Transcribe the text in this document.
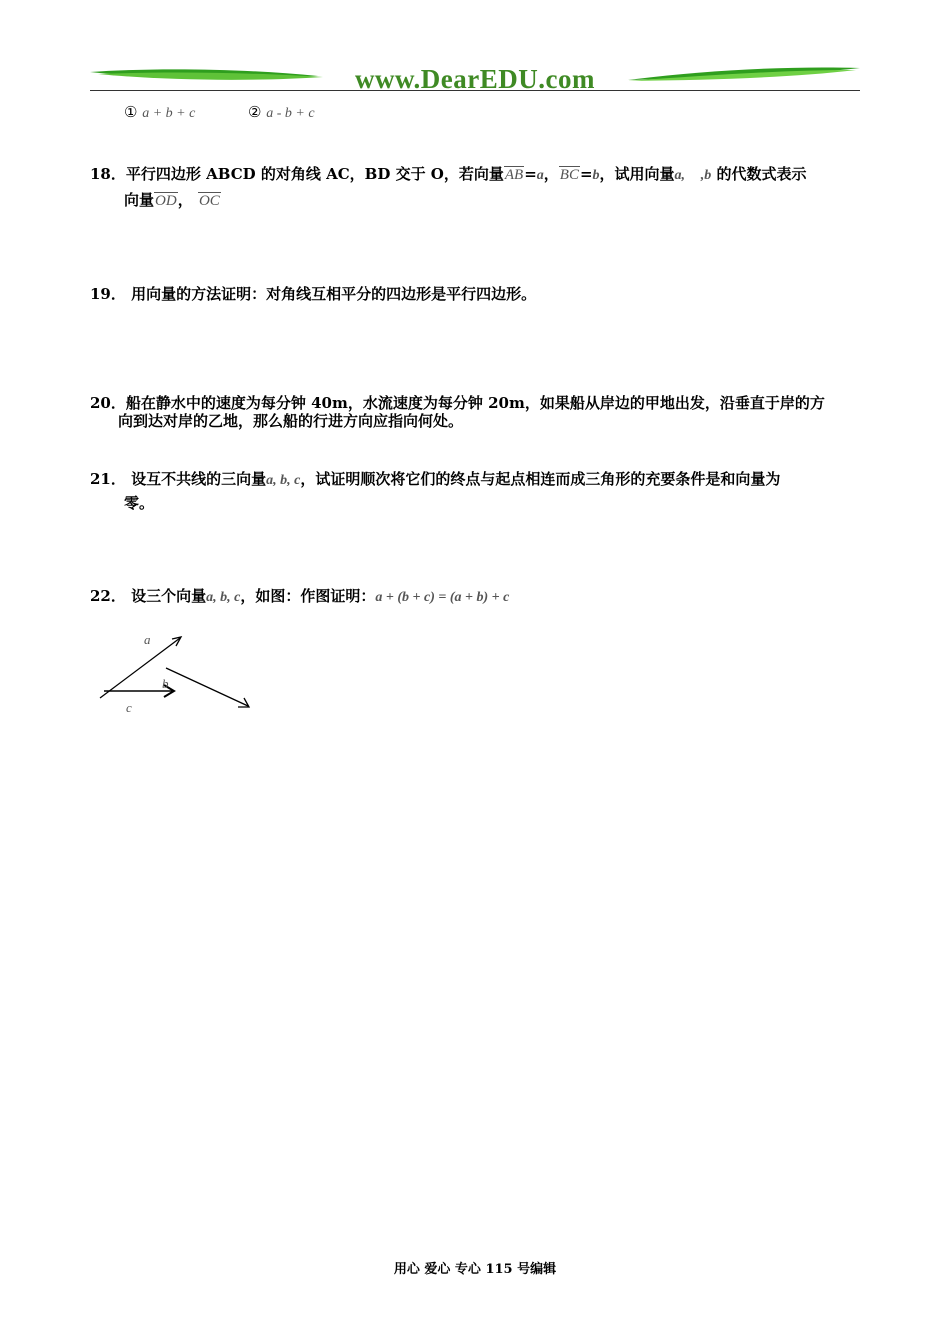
www.DearEDU.com
① a + b + c	② a - b + c
18．平行四边形 ABCD 的对角线 AC，BD 交于 O，若向量AB=a，BC=b，试用向量a, ,b 的代数式表示
向量OD， OC
19． 用向量的方法证明：对角线互相平分的四边形是平行四边形。
20．船在静水中的速度为每分钟 40m，水流速度为每分钟 20m，如果船从岸边的甲地出发，沿垂直于岸的方
向到达对岸的乙地，那么船的行进方向应指向何处。
21． 设互不共线的三向量a, b, c，试证明顺次将它们的终点与起点相连而成三角形的充要条件是和向量为
零。
22． 设三个向量a, b, c，如图：作图证明：a + (b + c) = (a + b) + c
a
b
c
用心 爱心 专心 115 号编辑
